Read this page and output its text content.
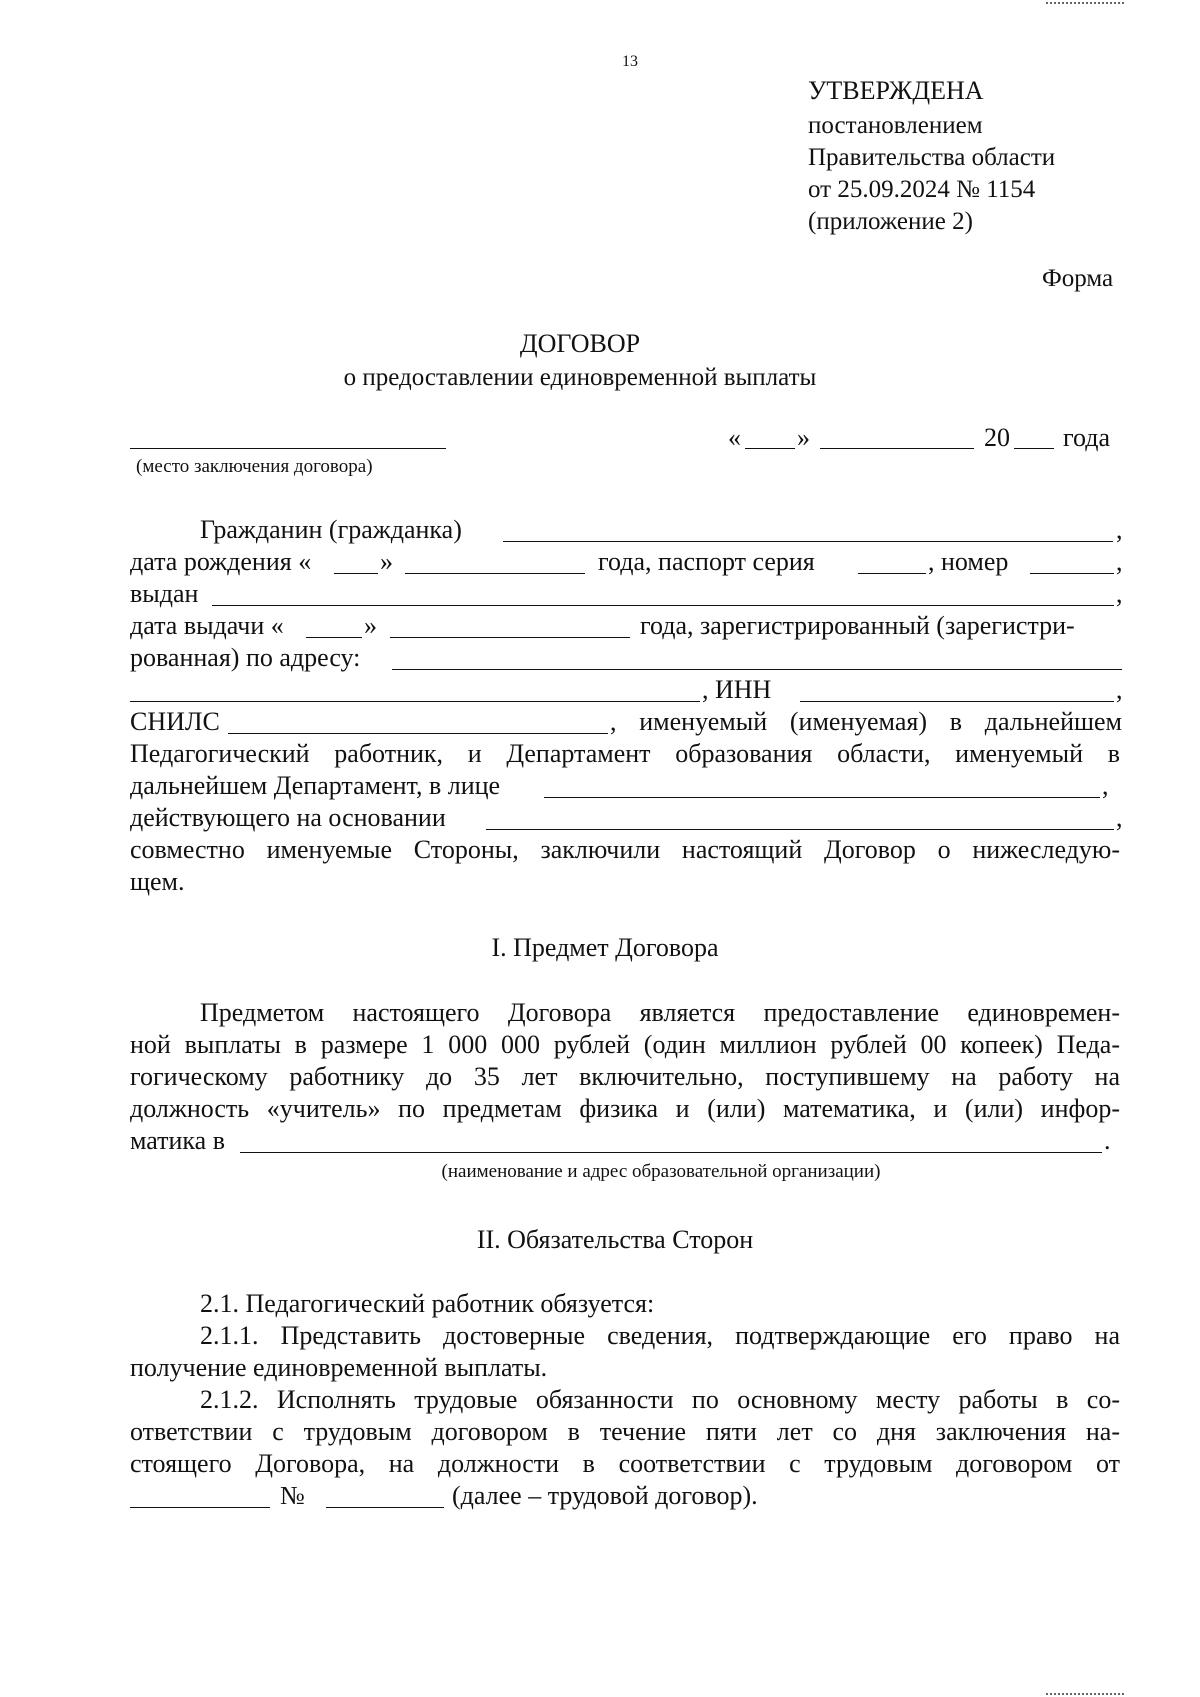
13
УТВЕРЖДЕНА
постановлением
Правительства области
от 25.09.2024 № 1154
(приложение 2)
Форма
ДОГОВОР
о предоставлении единовременной выплаты
(место заключения договора)
« »	20 года
Гражданин (гражданка)	,
дата рождения «	»	года, паспорт серия	, номер	,
выдан	,
дата выдачи «	»	года, зарегистрированный (зарегистри-
рованная) по адресу:
, ИНН	,
СНИЛС	, именуемый (именуемая) в дальнейшем
Педагогический работник, и Департамент образования области, именуемый в
дальнейшем Департамент, в лице	,
действующего на основании	,
совместно именуемые Стороны, заключили настоящий Договор о нижеследую-
щем.
I. Предмет Договора
Предметом настоящего Договора является предоставление единовремен-
ной выплаты в размере 1 000 000 рублей (один миллион рублей 00 копеек) Педа-
гогическому работнику до 35 лет включительно, поступившему на работу на
должность «учитель» по предметам физика и (или) математика, и (или) инфор-
матика в	.
(наименование и адрес образовательной организации)
II. Обязательства Сторон
2.1. Педагогический работник обязуется:
2.1.1. Представить достоверные сведения, подтверждающие его право на
получение единовременной выплаты.
2.1.2. Исполнять трудовые обязанности по основному месту работы в со-
ответствии с трудовым договором в течение пяти лет со дня заключения на-
стоящего Договора, на должности в соответствии с трудовым договором от
№	(далее – трудовой договор).
